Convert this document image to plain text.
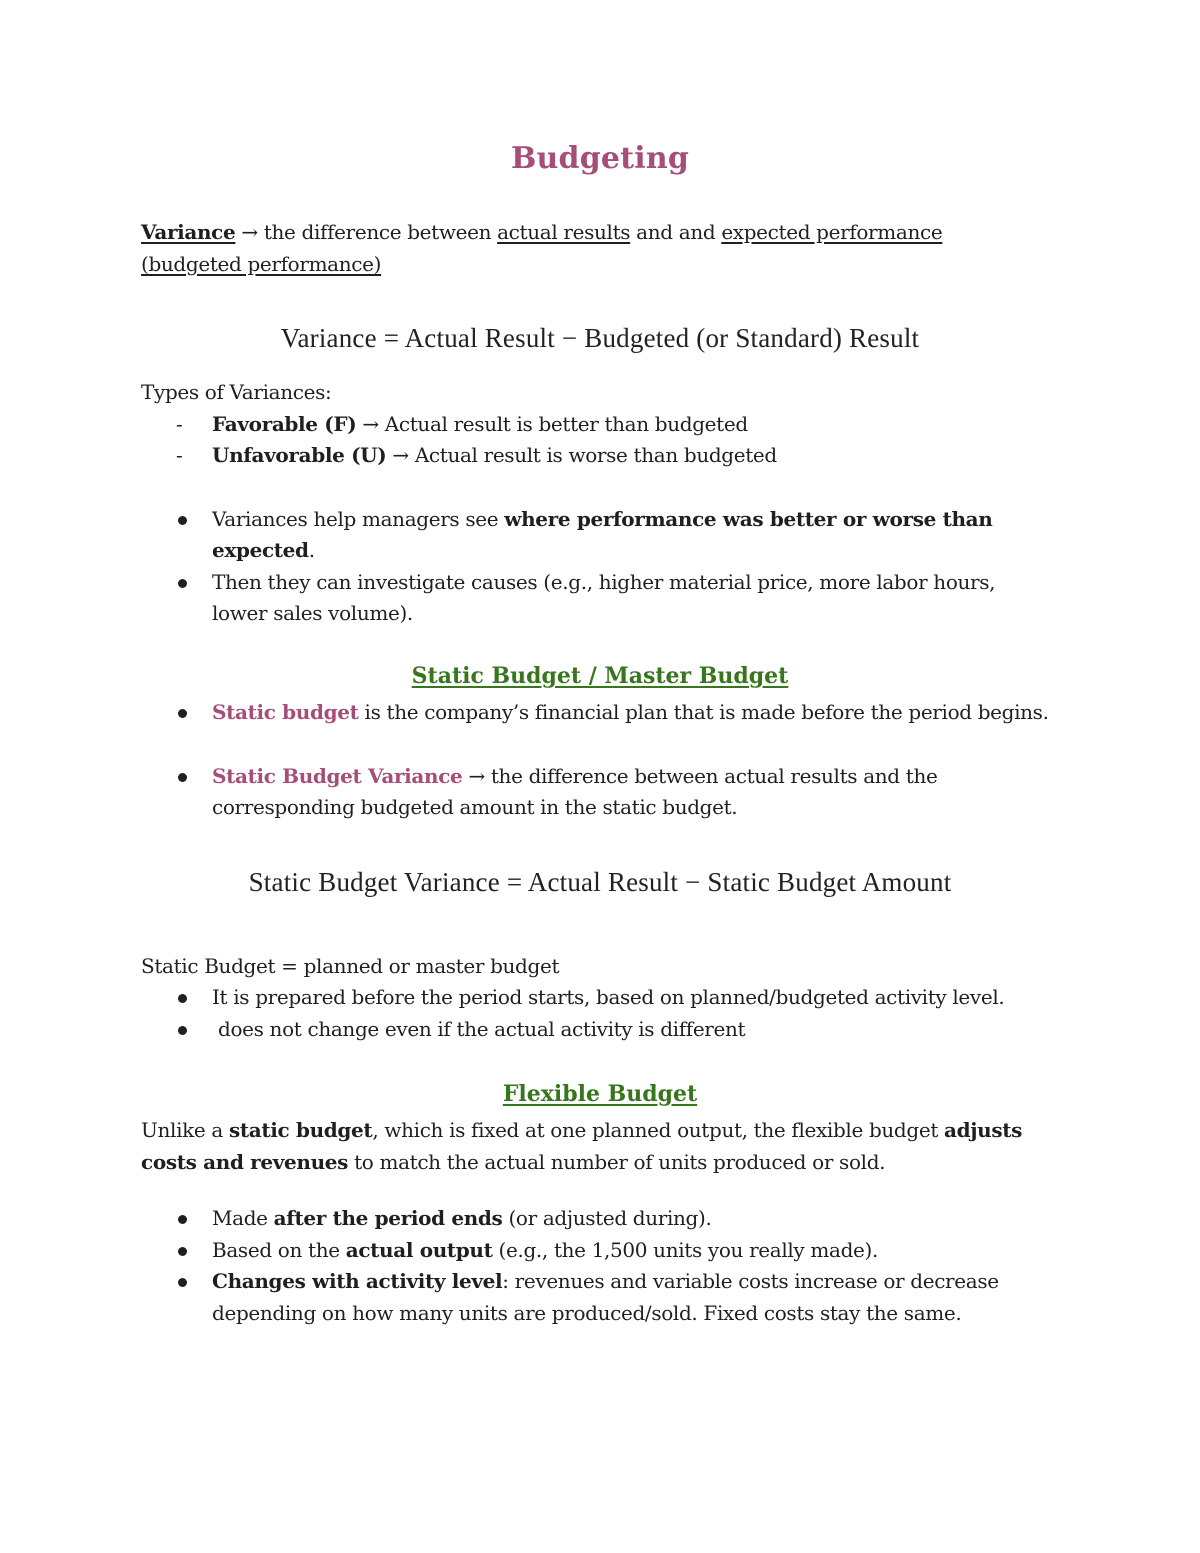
Budgeting
Variance → the difference between actual results and and expected performance
(budgeted performance)
Variance = Actual Result − Budgeted (or Standard) Result
Types of Variances:
- Favorable (F) → Actual result is better than budgeted
- Unfavorable (U) → Actual result is worse than budgeted
Variances help managers see where performance was better or worse than
expected.
Then they can investigate causes (e.g., higher material price, more labor hours,
lower sales volume).
Static Budget / Master Budget
Static budget is the company’s financial plan that is made before the period begins.
Static Budget Variance → the difference between actual results and the
corresponding budgeted amount in the static budget.
Static Budget Variance = Actual Result − Static Budget Amount
Static Budget = planned or master budget
It is prepared before the period starts, based on planned/budgeted activity level.
does not change even if the actual activity is different
Flexible Budget
Unlike a static budget, which is fixed at one planned output, the flexible budget adjusts
costs and revenues to match the actual number of units produced or sold.
Made after the period ends (or adjusted during).
Based on the actual output (e.g., the 1,500 units you really made).
Changes with activity level: revenues and variable costs increase or decrease
depending on how many units are produced/sold. Fixed costs stay the same.
